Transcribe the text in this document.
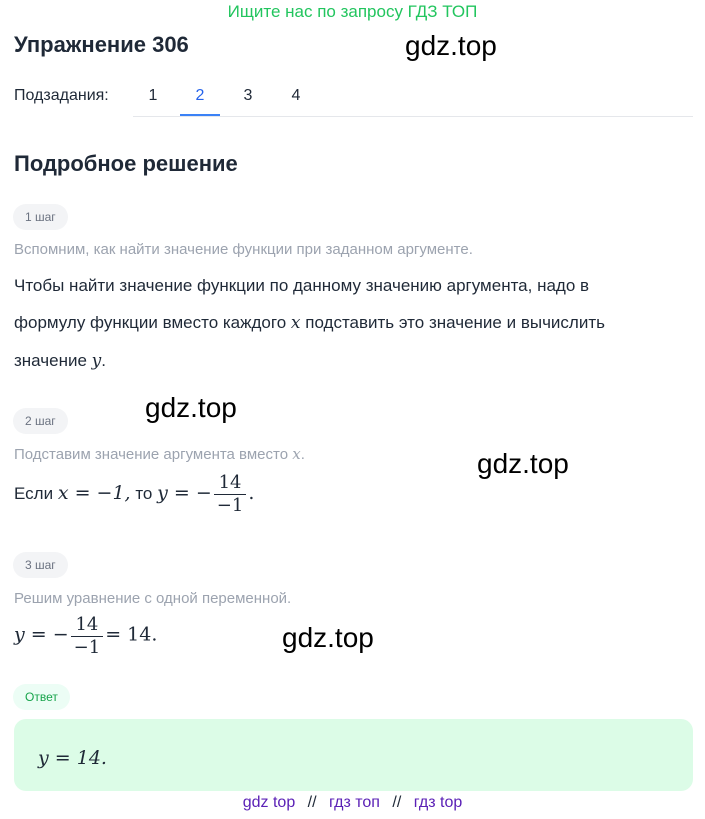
Ищите нас по запросу ГДЗ ТОП
Упражнение 306	gdz.top
Подзадания:	1	2	3	4
Подробное решение
1 шаг
Вспомним, как найти значение функции при заданном аргументе.
Чтобы найти значение функции по данному значению аргумента, надо в
формулу функции вместо каждого x подставить это значение и вычислить
значение y.
gdz.top
2 шаг
Подставим значение аргумента вместо x.	gdz.top
Если x = −1, то y = − $\frac{14}{-1}$ .
3 шаг
Решим уравнение с одной переменной.
y = − $\frac{14}{-1} = 14$.	gdz.top
Ответ
y = 14.
gdz top // гдз топ // гдз top
